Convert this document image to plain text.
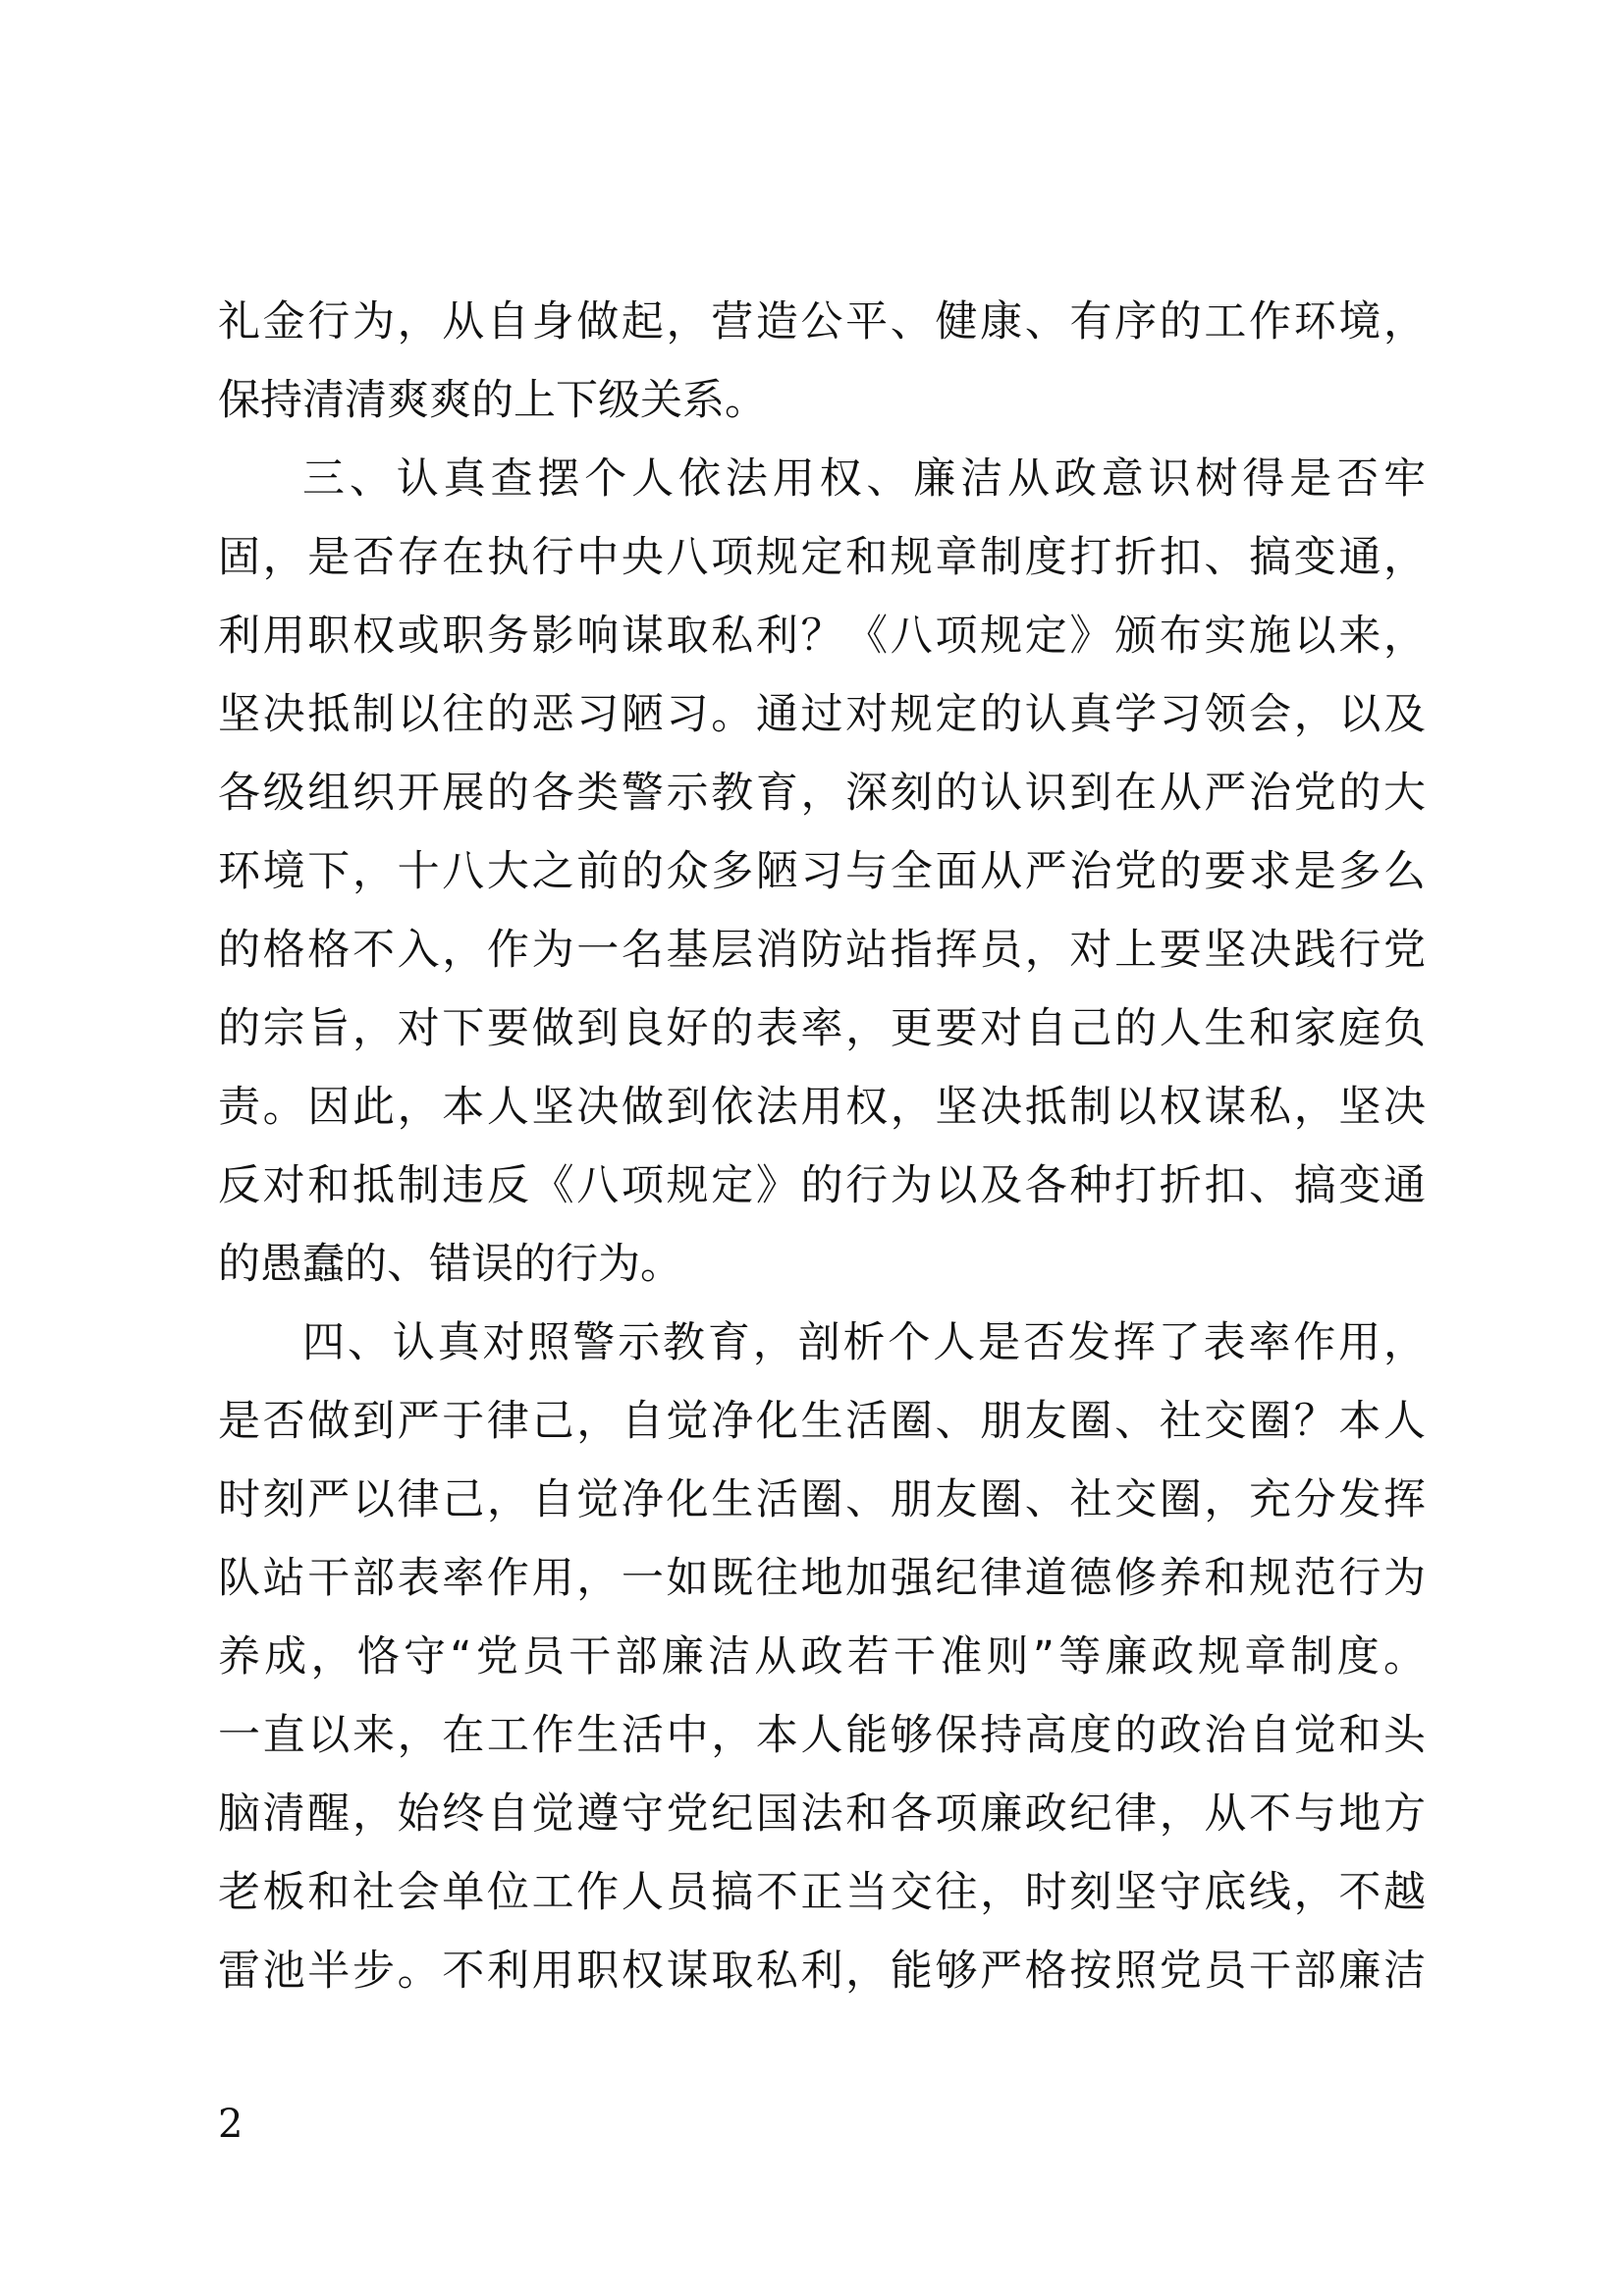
礼金行为，从自身做起，营造公平、健康、有序的工作环境，
保持清清爽爽的上下级关系。
三、认真查摆个人依法用权、廉洁从政意识树得是否牢
固，是否存在执行中央八项规定和规章制度打折扣、搞变通，
利用职权或职务影响谋取私利？《八项规定》颁布实施以来，
坚决抵制以往的恶习陋习。通过对规定的认真学习领会，以及
各级组织开展的各类警示教育，深刻的认识到在从严治党的大
环境下，十八大之前的众多陋习与全面从严治党的要求是多么
的格格不入，作为一名基层消防站指挥员，对上要坚决践行党
的宗旨，对下要做到良好的表率，更要对自己的人生和家庭负
责。因此，本人坚决做到依法用权，坚决抵制以权谋私，坚决
反对和抵制违反《八项规定》的行为以及各种打折扣、搞变通
的愚蠢的、错误的行为。
四、认真对照警示教育，剖析个人是否发挥了表率作用，
是否做到严于律己，自觉净化生活圈、朋友圈、社交圈？本人
时刻严以律己，自觉净化生活圈、朋友圈、社交圈，充分发挥
队站干部表率作用，一如既往地加强纪律道德修养和规范行为
养成，恪守“党员干部廉洁从政若干准则”等廉政规章制度。
一直以来，在工作生活中，本人能够保持高度的政治自觉和头
脑清醒，始终自觉遵守党纪国法和各项廉政纪律，从不与地方
老板和社会单位工作人员搞不正当交往，时刻坚守底线，不越
雷池半步。不利用职权谋取私利，能够严格按照党员干部廉洁
2
